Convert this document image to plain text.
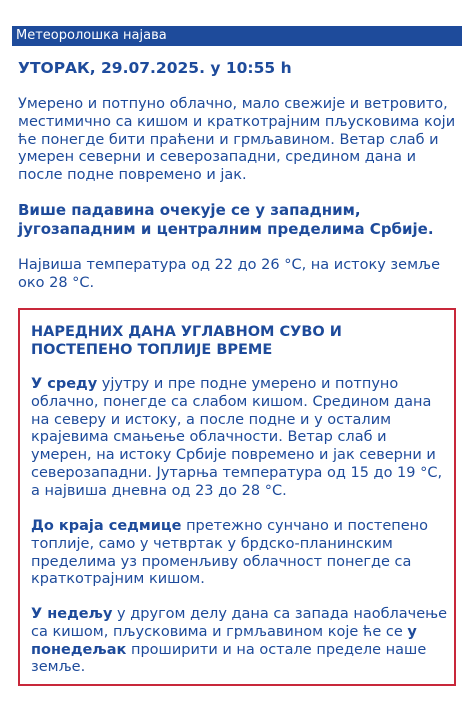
Метеоролошка најава
УТОРАК, 29.07.2025. у 10:55 h

Умерено и потпуно облачно, мало свежије и ветровито, местимично са кишом и краткотрајним пљусковима који ће понегде бити праћени и грмљавином. Ветар слаб и умерен северни и северозападни, средином дана и после подне повремено и јак.

Више падавина очекује се у западним, југозападним и централним пределима Србије.

Највиша температура од 22 до 26 °C, на истоку земље око 28 °C.

НАРЕДНИХ ДАНА УГЛАВНОМ СУВО И ПОСТЕПЕНО ТОПЛИЈЕ ВРЕМЕ

У среду ујутру и пре подне умерено и потпуно облачно, понегде са слабом кишом. Средином дана на северу и истоку, а после подне и у осталим крајевима смањење облачности. Ветар слаб и умерен, на истоку Србије повремено и јак северни и северозападни. Јутарња температура од 15 до 19 °C, а највиша дневна од 23 до 28 °C.

До краја седмице претежно сунчано и постепено топлије, само у четвртак у брдско-планинским пределима уз променљиву облачност понегде са краткотрајним кишом.

У недељу у другом делу дана са запада наоблачење са кишом, пљусковима и грмљавином које ће се у понедељак проширити и на остале пределе наше земље.
